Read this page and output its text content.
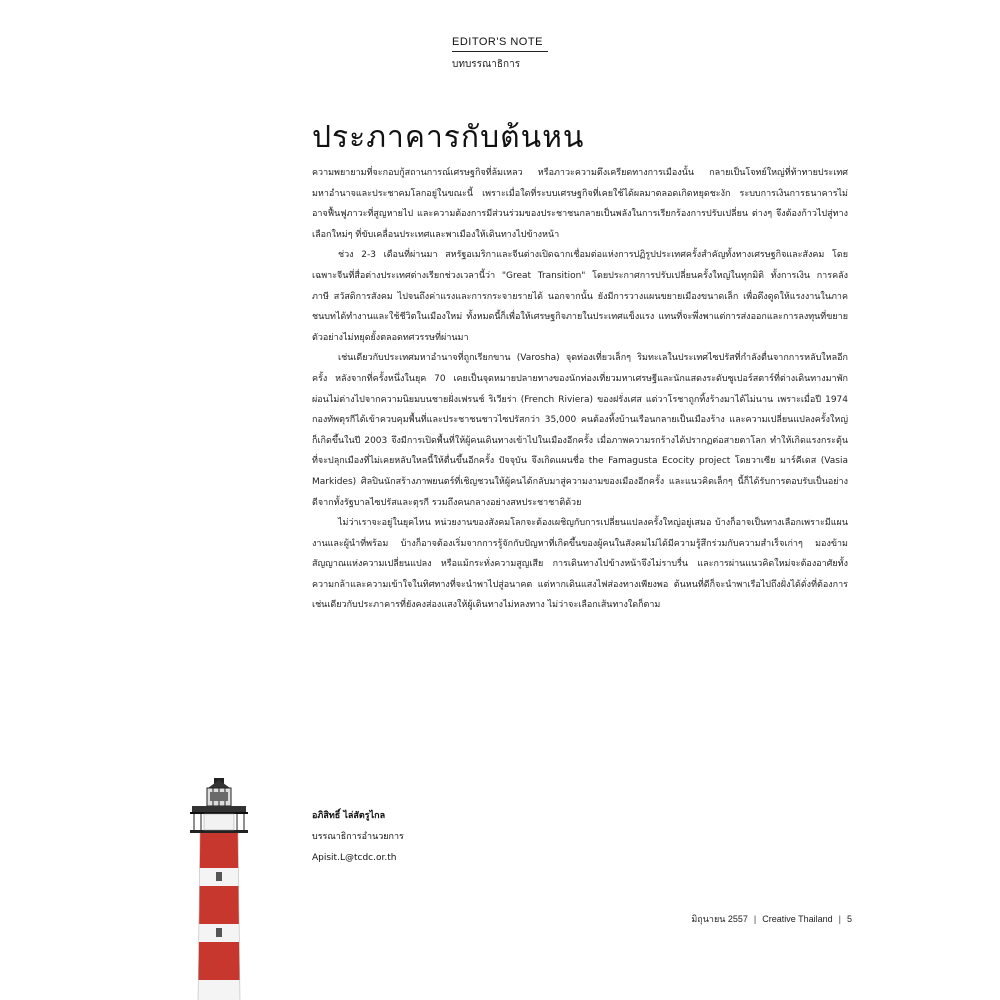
EDITOR'S NOTE
บทบรรณาธิการ
ประภาคารกับต้นหน

ความพยายามที่จะกอบกู้สถานการณ์เศรษฐกิจที่ล้มเหลว หรือภาวะความตึงเครียดทางการเมืองนั้น กลายเป็นโจทย์ใหญ่ที่ท้าทายประเทศมหาอำนาจและประชาคมโลกอยู่ในขณะนี้ เพราะเมื่อใดที่ระบบเศรษฐกิจที่เคยใช้ได้ผลมาตลอดเกิดหยุดชะงัก ระบบการเงินการธนาคารไม่อาจฟื้นฟูภาวะที่สูญหายไป และความต้องการมีส่วนร่วมของประชาชนกลายเป็นพลังในการเรียกร้องการปรับเปลี่ยน ต่างๆ จึงต้องก้าวไปสู่ทางเลือกใหม่ๆ ที่ขับเคลื่อนประเทศและพาเมืองให้เดินทางไปข้างหน้า

ช่วง 2-3 เดือนที่ผ่านมา สหรัฐอเมริกาและจีนต่างเปิดฉากเชื่อมต่อแห่งการปฏิรูปประเทศครั้งสำคัญทั้งทางเศรษฐกิจและสังคม โดยเฉพาะจีนที่สื่อต่างประเทศต่างเรียกช่วงเวลานี้ว่า "Great Transition" โดยประกาศการปรับเปลี่ยนครั้งใหญ่ในทุกมิติ ทั้งการเงิน การคลัง ภาษี สวัสดิการสังคม ไปจนถึงค่าแรงและการกระจายรายได้ นอกจากนั้น ยังมีการวางแผนขยายเมืองขนาดเล็ก เพื่อดึงดูดให้แรงงานในภาคชนบทได้ทำงานและใช้ชีวิตในเมืองใหม่ ทั้งหมดนี้ก็เพื่อให้เศรษฐกิจภายในประเทศแข็งแรง แทนที่จะพึ่งพาแต่การส่งออกและการลงทุนที่ขยายตัวอย่างไม่หยุดยั้งตลอดทศวรรษที่ผ่านมา

เช่นเดียวกับประเทศมหาอำนาจที่ถูกเรียกขาน (Varosha) จุดท่องเที่ยวเล็กๆ ริมทะเลในประเทศไซปรัสที่กำลังตื่นจากการหลับใหลอีกครั้ง หลังจากที่ครั้งหนึ่งในยุค 70 เคยเป็นจุดหมายปลายทางของนักท่องเที่ยวมหาเศรษฐีและนักแสดงระดับซูเปอร์สตาร์ที่ต่างเดินทางมาพักผ่อนไม่ต่างไปจากความนิยมบนชายฝั่งเฟรนช์ ริเวียร่า (French Riviera) ของฝรั่งเศส แต่วาโรชาถูกทิ้งร้างมาได้ไม่นาน เพราะเมื่อปี 1974 กองทัพตุรกีได้เข้าควบคุมพื้นที่และประชาชนชาวไซปรัสกว่า 35,000 คนต้องทิ้งบ้านเรือนกลายเป็นเมืองร้าง และความเปลี่ยนแปลงครั้งใหญ่ก็เกิดขึ้นในปี 2003 จึงมีการเปิดพื้นที่ให้ผู้คนเดินทางเข้าไปในเมืองอีกครั้ง เมื่อภาพความรกร้างได้ปรากฏต่อสายตาโลก ทำให้เกิดแรงกระตุ้นที่จะปลุกเมืองที่ไม่เคยหลับใหลนี้ให้ตื่นขึ้นอีกครั้ง ปัจจุบัน จึงเกิดแผนชื่อ the Famagusta Ecocity project โดยวาเซีย มาร์คีเดส (Vasia Markides) ศิลปินนักสร้างภาพยนตร์ที่เชิญชวนให้ผู้คนได้กลับมาสู่ความงามของเมืองอีกครั้ง และแนวคิดเล็กๆ นี้ก็ได้รับการตอบรับเป็นอย่างดีจากทั้งรัฐบาลไซปรัสและตุรกี รวมถึงคนกลางอย่างสหประชาชาติด้วย

ไม่ว่าเราจะอยู่ในยุคไหน หน่วยงานของสังคมโลกจะต้องเผชิญกับการเปลี่ยนแปลงครั้งใหญ่อยู่เสมอ บ้างก็อาจเป็นทางเลือกเพราะมีแผนงานและผู้นำที่พร้อม บ้างก็อาจต้องเริ่มจากการรู้จักกับปัญหาที่เกิดขึ้นของผู้คนในสังคมไม่ได้มีความรู้สึกร่วมกับความสำเร็จเก่าๆ มองข้ามสัญญาณแห่งความเปลี่ยนแปลง หรือแม้กระทั่งความสูญเสีย การเดินทางไปข้างหน้าจึงไม่ราบรื่น และการผ่านแนวคิดใหม่จะต้องอาศัยทั้งความกล้าและความเข้าใจในทิศทางที่จะนำพาไปสู่อนาคต แต่หากเดินแสงไฟส่องทางเพียงพอ ต้นหนที่ดีก็จะนำพาเรือไปถึงฝั่งได้ดั่งที่ต้องการ เช่นเดียวกับประภาคารที่ยังคงส่องแสงให้ผู้เดินทางไม่หลงทาง ไม่ว่าจะเลือกเส้นทางใดก็ตาม

อภิสิทธิ์ ไล่สัตรูไกล
บรรณาธิการอำนวยการ
Apisit.L@tcdc.or.th
มิถุนายน 2557 | Creative Thailand | 5
